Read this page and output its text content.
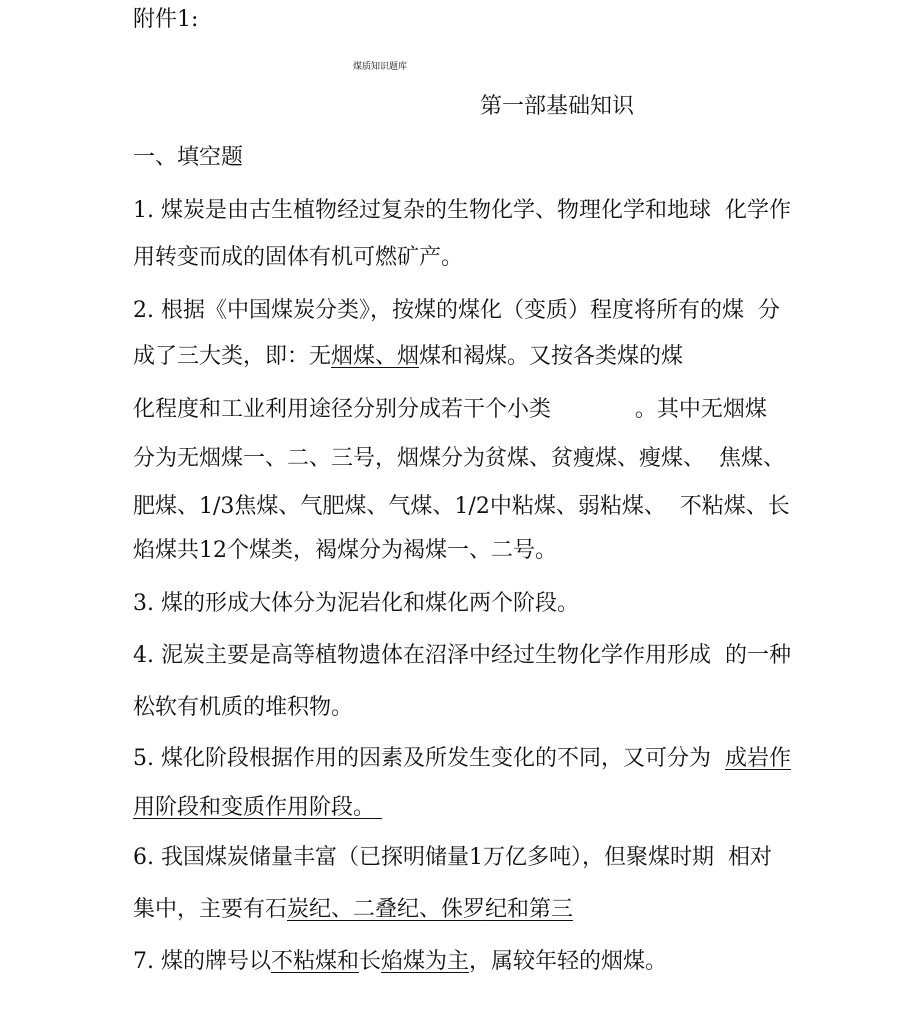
附件1:
煤质知识题库
第一部基础知识
一、填空题
1. 煤炭是由古生植物经过复杂的生物化学、物理化学和地球  化学作
用转变而成的固体有机可燃矿产。
2. 根据《中国煤炭分类》，按煤的煤化（变质）程度将所有的煤  分
成了三大类，即：无烟煤、烟煤和褐煤。又按各类煤的煤
化程度和工业利用途径分别分成若干个小类            。其中无烟煤
分为无烟煤一、二、三号，烟煤分为贫煤、贫瘦煤、瘦煤、  焦煤、
肥煤、1/3焦煤、气肥煤、气煤、1/2中粘煤、弱粘煤、  不粘煤、长
焰煤共12个煤类，褐煤分为褐煤一、二号。
3. 煤的形成大体分为泥岩化和煤化两个阶段。
4. 泥炭主要是高等植物遗体在沼泽中经过生物化学作用形成  的一种
松软有机质的堆积物。
5. 煤化阶段根据作用的因素及所发生变化的不同，又可分为  成岩作
用阶段和变质作用阶段。
6. 我国煤炭储量丰富（已探明储量1万亿多吨），但聚煤时期  相对
集中，主要有石炭纪、二叠纪、侏罗纪和第三
7. 煤的牌号以不粘煤和长焰煤为主，属较年轻的烟煤。
